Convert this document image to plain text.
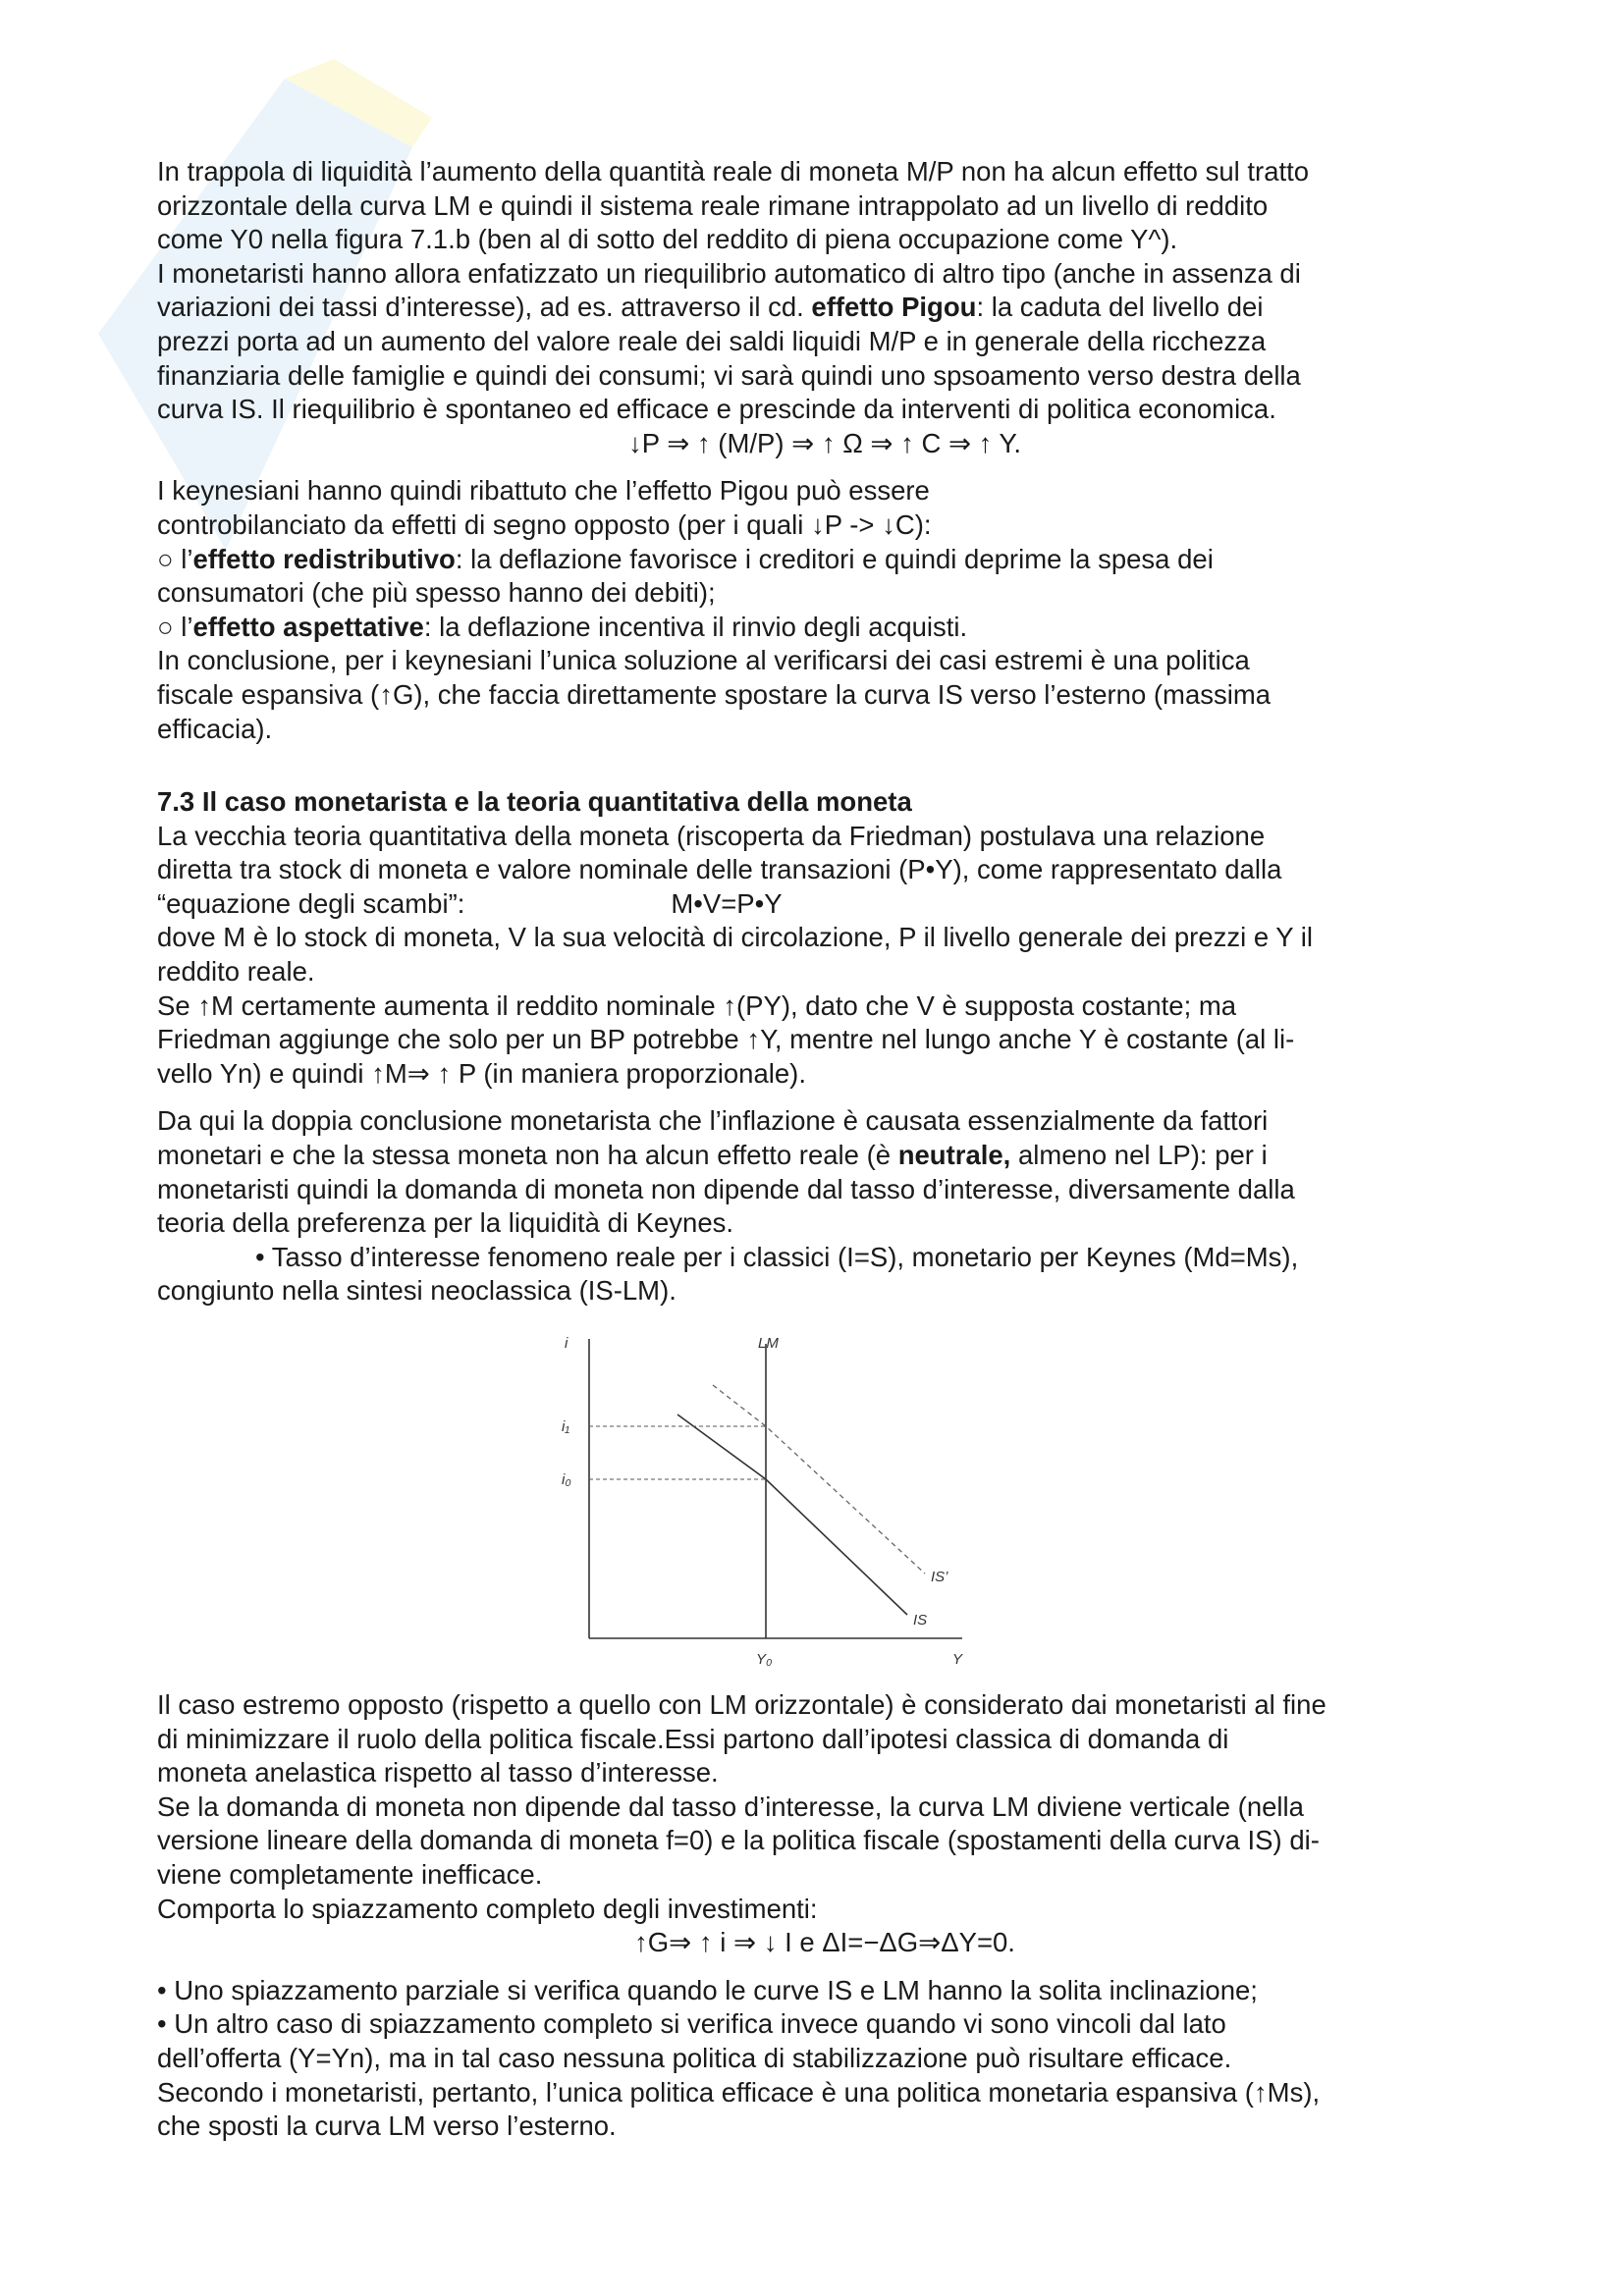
In trappola di liquidità l’aumento della quantità reale di moneta M/P non ha alcun effetto sul tratto

orizzontale della curva LM e quindi il sistema reale rimane intrappolato ad un livello di reddito

come Y0 nella figura 7.1.b (ben al di sotto del reddito di piena occupazione come Y^).

I monetaristi hanno allora enfatizzato un riequilibrio automatico di altro tipo (anche in assenza di

variazioni dei tassi d’interesse), ad es. attraverso il cd. effetto Pigou: la caduta del livello dei

prezzi porta ad un aumento del valore reale dei saldi liquidi M/P e in generale della ricchezza

finanziaria delle famiglie e quindi dei consumi; vi sarà quindi uno spsoamento verso destra della

curva IS. Il riequilibrio è spontaneo ed efficace e prescinde da interventi di politica economica.

↓P ⇒ ↑ (M/P) ⇒ ↑ Ω ⇒ ↑ C ⇒ ↑ Y.

I keynesiani hanno quindi ribattuto che l’effetto Pigou può essere

controbilanciato da effetti di segno opposto (per i quali ↓P -> ↓C):

○ l’effetto redistributivo: la deflazione favorisce i creditori e quindi deprime la spesa dei

consumatori (che più spesso hanno dei debiti);

○ l’effetto aspettative: la deflazione incentiva il rinvio degli acquisti.

In conclusione, per i keynesiani l’unica soluzione al verificarsi dei casi estremi è una politica

fiscale espansiva (↑G), che faccia direttamente spostare la curva IS verso l’esterno (massima

efficacia).

7.3 Il caso monetarista e la teoria quantitativa della moneta

La vecchia teoria quantitativa della moneta (riscoperta da Friedman) postulava una relazione

diretta tra stock di moneta e valore nominale delle transazioni (P•Y), come rappresentato dalla

“equazione degli scambi”:	M•V=P•Y

dove M è lo stock di moneta, V la sua velocità di circolazione, P il livello generale dei prezzi e Y il

reddito reale.

Se ↑M certamente aumenta il reddito nominale ↑(PY), dato che V è supposta costante; ma

Friedman aggiunge che solo per un BP potrebbe ↑Y, mentre nel lungo anche Y è costante (al li-

vello Yn) e quindi ↑M⇒ ↑ P (in maniera proporzionale).

Da qui la doppia conclusione monetarista che l’inflazione è causata essenzialmente da fattori

monetari e che la stessa moneta non ha alcun effetto reale (è neutrale, almeno nel LP): per i

monetaristi quindi la domanda di moneta non dipende dal tasso d’interesse, diversamente dalla

teoria della preferenza per la liquidità di Keynes.

• Tasso d’interesse fenomeno reale per i classici (I=S), monetario per Keynes (Md=Ms),

congiunto nella sintesi neoclassica (IS-LM).

i
Y
LM
IS
IS’
i₁
i₀
Y₀

Il caso estremo opposto (rispetto a quello con LM orizzontale) è considerato dai monetaristi al fine

di minimizzare il ruolo della politica fiscale.Essi partono dall’ipotesi classica di domanda di

moneta anelastica rispetto al tasso d’interesse.

Se la domanda di moneta non dipende dal tasso d’interesse, la curva LM diviene verticale (nella

versione lineare della domanda di moneta f=0) e la politica fiscale (spostamenti della curva IS) di-

viene completamente inefficace.

Comporta lo spiazzamento completo degli investimenti:

↑G⇒ ↑ i ⇒ ↓ I e ΔI=−ΔG⇒ΔY=0.

• Uno spiazzamento parziale si verifica quando le curve IS e LM hanno la solita inclinazione;

• Un altro caso di spiazzamento completo si verifica invece quando vi sono vincoli dal lato

dell’offerta (Y=Yn), ma in tal caso nessuna politica di stabilizzazione può risultare efficace.

Secondo i monetaristi, pertanto, l’unica politica efficace è una politica monetaria espansiva (↑Ms),

che sposti la curva LM verso l’esterno.
